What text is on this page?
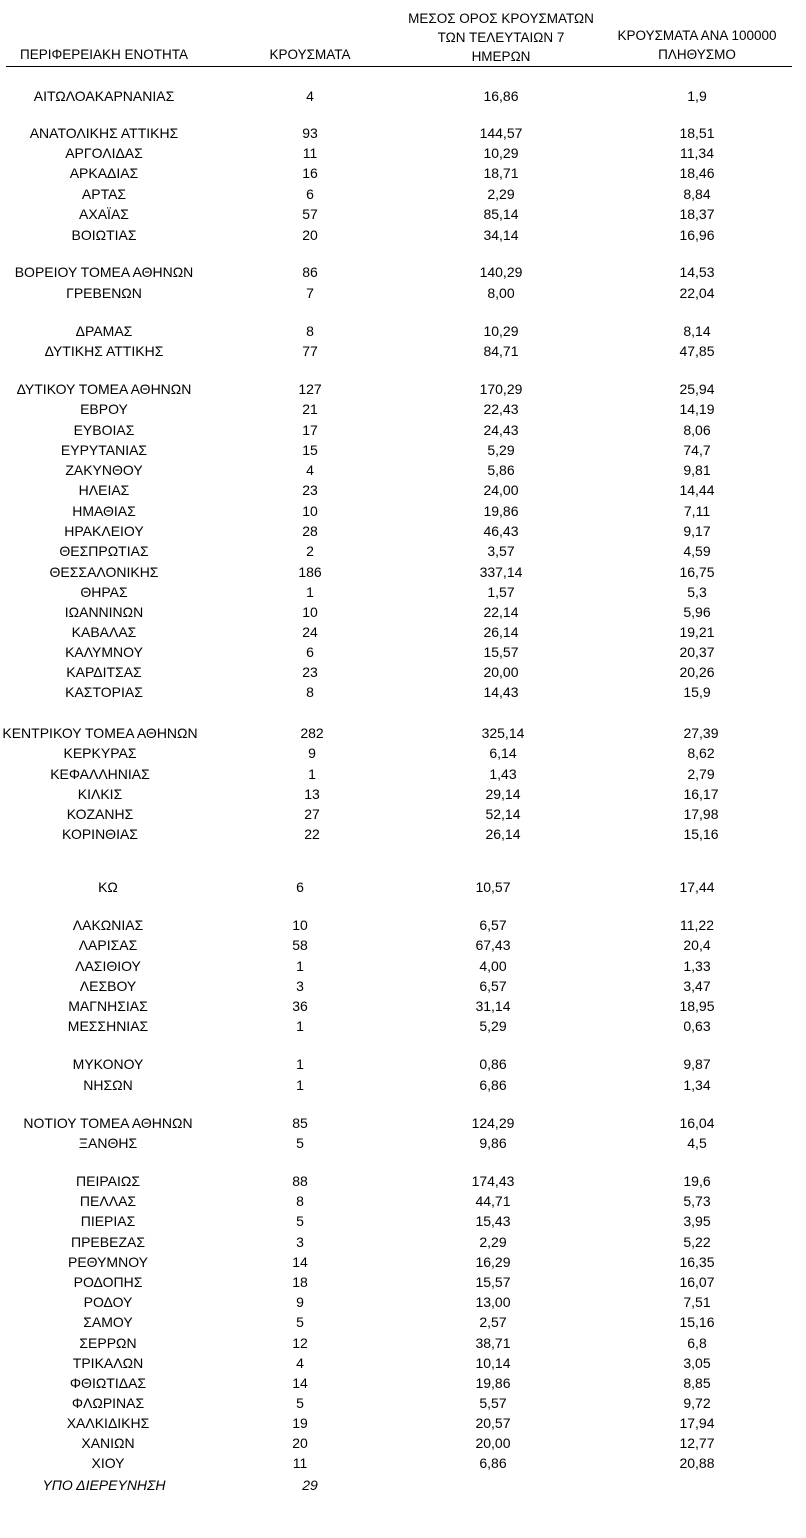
ΠΕΡΙΦΕΡΕΙΑΚΗ ΕΝΟΤΗΤΑ	ΚΡΟΥΣΜΑΤΑ
ΜΕΣΟΣ ΟΡΟΣ ΚΡΟΥΣΜΑΤΩΝ
ΤΩΝ ΤΕΛΕΥΤΑΙΩΝ 7
ΗΜΕΡΩΝ
ΚΡΟΥΣΜΑΤΑ ΑΝΑ 100000
ΠΛΗΘΥΣΜΟ
ΑΙΤΩΛΟΑΚΑΡΝΑΝΙΑΣ	4	16,86	1,9
ΑΝΑΤΟΛΙΚΗΣ ΑΤΤΙΚΗΣ	93	144,57	18,51
ΑΡΓΟΛΙΔΑΣ	11	10,29	11,34
ΑΡΚΑΔΙΑΣ	16	18,71	18,46
ΑΡΤΑΣ	6	2,29	8,84
ΑΧΑΪΑΣ	57	85,14	18,37
ΒΟΙΩΤΙΑΣ	20	34,14	16,96
ΒΟΡΕΙΟΥ ΤΟΜΕΑ ΑΘΗΝΩΝ	86	140,29	14,53
ΓΡΕΒΕΝΩΝ	7	8,00	22,04
ΔΡΑΜΑΣ	8	10,29	8,14
ΔΥΤΙΚΗΣ ΑΤΤΙΚΗΣ	77	84,71	47,85
ΔΥΤΙΚΟΥ ΤΟΜΕΑ ΑΘΗΝΩΝ	127	170,29	25,94
ΕΒΡΟΥ	21	22,43	14,19
ΕΥΒΟΙΑΣ	17	24,43	8,06
ΕΥΡΥΤΑΝΙΑΣ	15	5,29	74,7
ΖΑΚΥΝΘΟΥ	4	5,86	9,81
ΗΛΕΙΑΣ	23	24,00	14,44
ΗΜΑΘΙΑΣ	10	19,86	7,11
ΗΡΑΚΛΕΙΟΥ	28	46,43	9,17
ΘΕΣΠΡΩΤΙΑΣ	2	3,57	4,59
ΘΕΣΣΑΛΟΝΙΚΗΣ	186	337,14	16,75
ΘΗΡΑΣ	1	1,57	5,3
ΙΩΑΝΝΙΝΩΝ	10	22,14	5,96
ΚΑΒΑΛΑΣ	24	26,14	19,21
ΚΑΛΥΜΝΟΥ	6	15,57	20,37
ΚΑΡΔΙΤΣΑΣ	23	20,00	20,26
ΚΑΣΤΟΡΙΑΣ	8	14,43	15,9
ΚΕΝΤΡΙΚΟΥ ΤΟΜΕΑ ΑΘΗΝΩΝ	282	325,14	27,39
ΚΕΡΚΥΡΑΣ	9	6,14	8,62
ΚΕΦΑΛΛΗΝΙΑΣ	1	1,43	2,79
ΚΙΛΚΙΣ	13	29,14	16,17
ΚΟΖΑΝΗΣ	27	52,14	17,98
ΚΟΡΙΝΘΙΑΣ	22	26,14	15,16
ΚΩ	6	10,57	17,44
ΛΑΚΩΝΙΑΣ	10	6,57	11,22
ΛΑΡΙΣΑΣ	58	67,43	20,4
ΛΑΣΙΘΙΟΥ	1	4,00	1,33
ΛΕΣΒΟΥ	3	6,57	3,47
ΜΑΓΝΗΣΙΑΣ	36	31,14	18,95
ΜΕΣΣΗΝΙΑΣ	1	5,29	0,63
ΜΥΚΟΝΟΥ	1	0,86	9,87
ΝΗΣΩΝ	1	6,86	1,34
ΝΟΤΙΟΥ ΤΟΜΕΑ ΑΘΗΝΩΝ	85	124,29	16,04
ΞΑΝΘΗΣ	5	9,86	4,5
ΠΕΙΡΑΙΩΣ	88	174,43	19,6
ΠΕΛΛΑΣ	8	44,71	5,73
ΠΙΕΡΙΑΣ	5	15,43	3,95
ΠΡΕΒΕΖΑΣ	3	2,29	5,22
ΡΕΘΥΜΝΟΥ	14	16,29	16,35
ΡΟΔΟΠΗΣ	18	15,57	16,07
ΡΟΔΟΥ	9	13,00	7,51
ΣΑΜΟΥ	5	2,57	15,16
ΣΕΡΡΩΝ	12	38,71	6,8
ΤΡΙΚΑΛΩΝ	4	10,14	3,05
ΦΘΙΩΤΙΔΑΣ	14	19,86	8,85
ΦΛΩΡΙΝΑΣ	5	5,57	9,72
ΧΑΛΚΙΔΙΚΗΣ	19	20,57	17,94
ΧΑΝΙΩΝ	20	20,00	12,77
ΧΙΟΥ	11	6,86	20,88
ΥΠΟ ΔΙΕΡΕΥΝΗΣΗ	29
